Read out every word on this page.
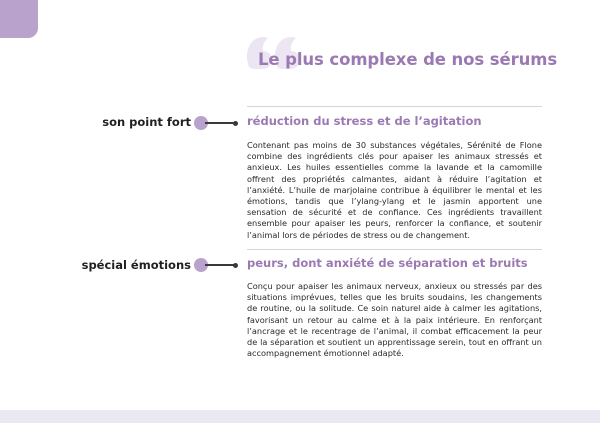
Le plus complexe de nos sérums
son point fort	réduction du stress et de l’agitation

Contenant pas moins de 30 substances végétales, Sérénité de Flone combine des ingrédients clés pour apaiser les animaux stressés et anxieux. Les huiles essentielles comme la lavande et la camomille offrent des propriétés calmantes, aidant à réduire l’agitation et l’anxiété. L’huile de marjolaine contribue à équilibrer le mental et les émotions, tandis que l’ylang-ylang et le jasmin apportent une sensation de sécurité et de confiance. Ces ingrédients travaillent ensemble pour apaiser les peurs, renforcer la confiance, et soutenir l’animal lors de périodes de stress ou de changement.

spécial émotions	peurs, dont anxiété de séparation et bruits

Conçu pour apaiser les animaux nerveux, anxieux ou stressés par des situations imprévues, telles que les bruits soudains, les changements de routine, ou la solitude. Ce soin naturel aide à calmer les agitations, favorisant un retour au calme et à la paix intérieure. En renforçant l’ancrage et le recentrage de l’animal, il combat efficacement la peur de la séparation et soutient un apprentissage serein, tout en offrant un accompagnement émotionnel adapté.
